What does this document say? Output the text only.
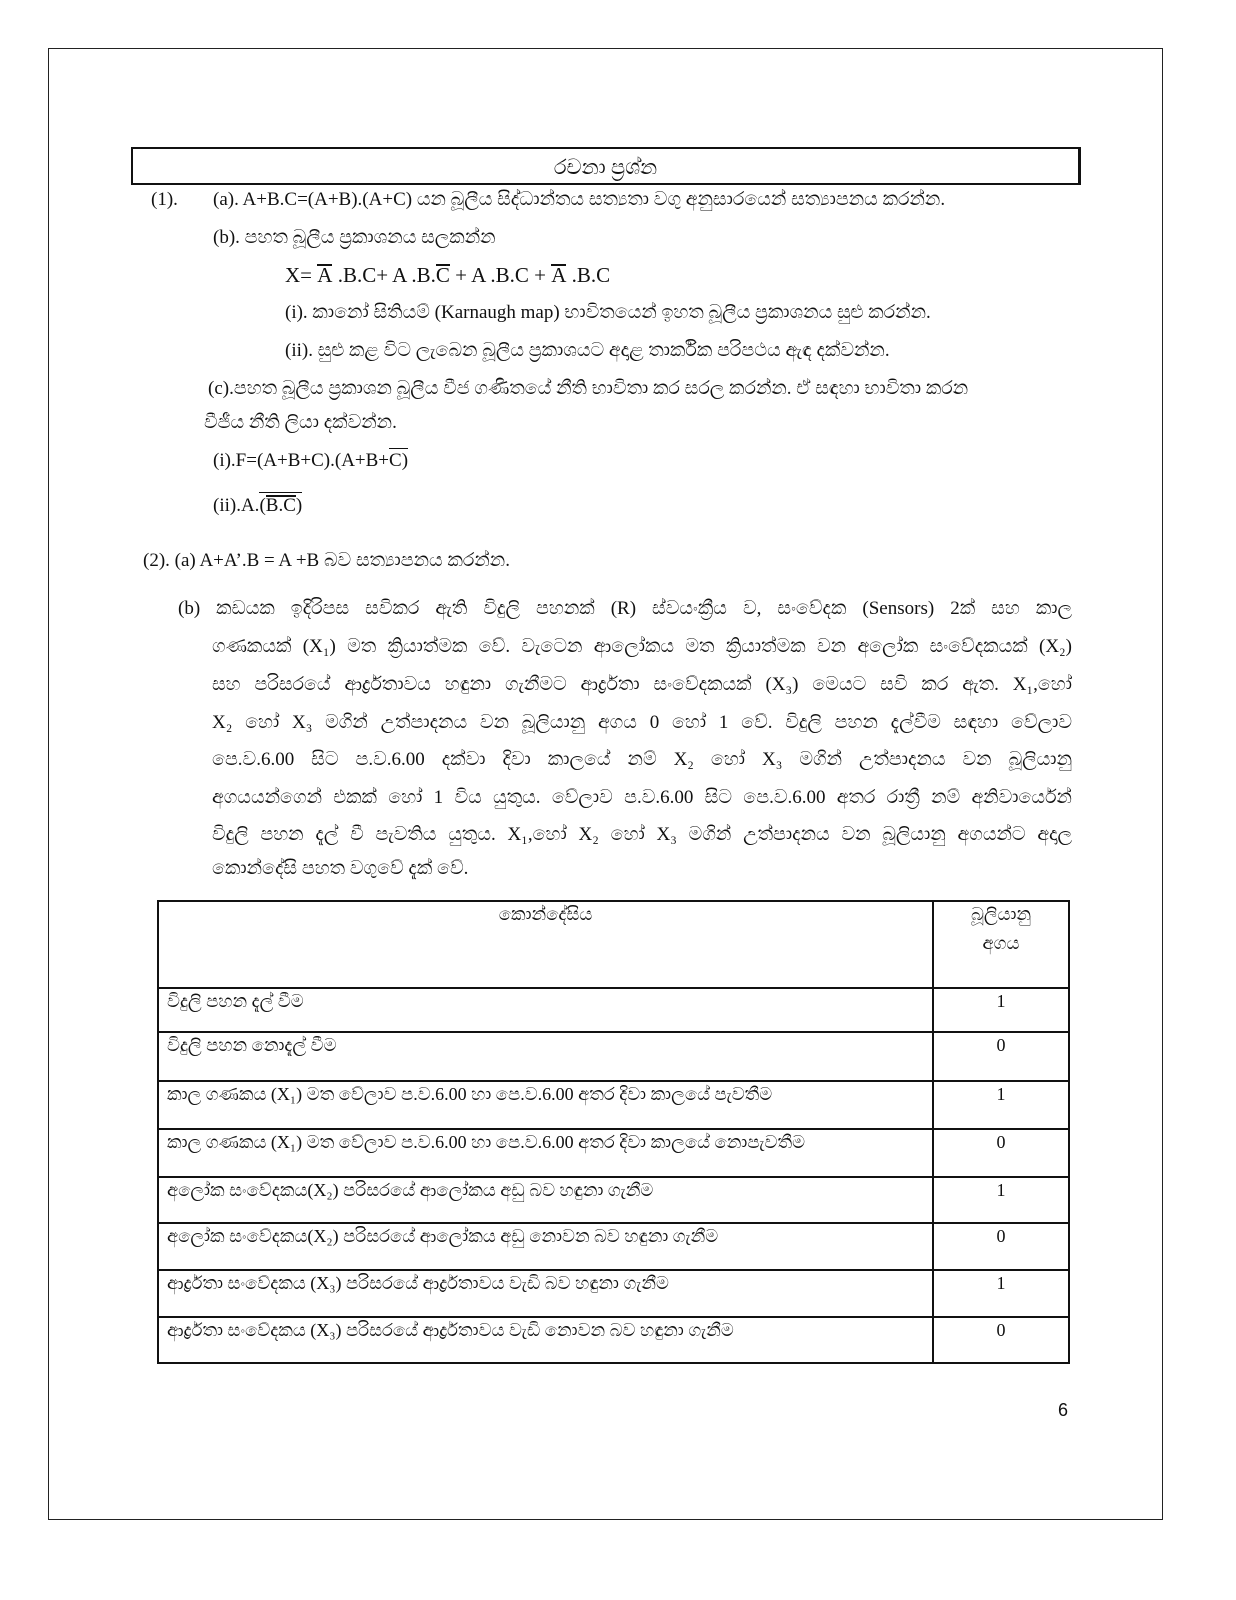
රචනා ප්‍රශ්න
(1). (a). A+B.C=(A+B).(A+C) යන බූලීය සිද්ධාන්තය සත්‍යතා වගු අනුසාරයෙන් සත්‍යාපනය කරන්න.
(b). පහත බූලීය ප්‍රකාශනය සලකන්න
X= A .B.C+ A .B.C + A .B.C + A .B.C
(i). කානෝ සිතියම් (Karnaugh map) භාවිතයෙන් ඉහත බූලීය ප්‍රකාශනය සුළු කරන්න.
(ii). සුළු කළ විට ලැබෙන බූලීය ප්‍රකාශයට අදාළ තාර්කික පරිපථය ඇඳ දක්වන්න.
(c).පහත බූලීය ප්‍රකාශන බූලීය වීජ ගණිතයේ නීති භාවිතා කර සරල කරන්න. ඒ සඳහා භාවිතා කරන
වීජීය නීති ලියා දක්වන්න.
(i).F=(A+B+C).(A+B+C)
(ii).A.(B.C)
(2). (a) A+A’.B = A +B බව සත්‍යාපනය කරන්න.
(b) කඩයක ඉදිරිපස සවිකර ඇති විදුලි පහනක් (R) ස්වයංක්‍රීය ව, සංවේදක (Sensors) 2ක් සහ කාල
ගණකයක් (X₁) මත ක්‍රියාත්මක වේ. වැටෙන ආලෝකය මත ක්‍රියාත්මක වන අලෝක සංවේදකයක් (X₂)
සහ පරිසරයේ ආර්ද්‍රතාවය හඳුනා ගැනීමට ආර්ද්‍රතා සංවේදකයක් (X₃) මෙයට සවි කර ඇත. X₁,හෝ
X₂ හෝ X₃ මගින් උත්පාදනය වන බූලියානු අගය 0 හෝ 1 වේ. විදුලි පහන දැල්වීම සඳහා වේලාව
පෙ.ව.6.00 සිට ප.ව.6.00 දක්වා දිවා කාලයේ නම් X₂ හෝ X₃ මගින් උත්පාදනය වන බූලියානු
අගයයන්ගෙන් එකක් හෝ 1 විය යුතුය. වේලාව ප.ව.6.00 සිට පෙ.ව.6.00 අතර රාත්‍රී නම් අනිවාර්යෙන්
විදුලි පහන දැල් වී පැවතිය යුතුය. X₁,හෝ X₂ හෝ X₃ මගින් උත්පාදනය වන බූලියානු අගයන්ට අදාල
කොන්දේසි පහත වගුවේ දැක් වේ.
කොන්දේසිය	බූලියානු
අගය

විදුලි පහන දැල් වීම	1
විදුලි පහන නොදැල් වීම	0
කාල ගණකය (X₁) මත වේලාව ප.ව.6.00 හා පෙ.ව.6.00 අතර දිවා කාලයේ පැවතීම	1
කාල ගණකය (X₁) මත වේලාව ප.ව.6.00 හා පෙ.ව.6.00 අතර දිවා කාලයේ නොපැවතීම	0
අලෝක සංවේදකය(X₂) පරිසරයේ ආලෝකය අඩු බව හඳුනා ගැනීම	1
අලෝක සංවේදකය(X₂) පරිසරයේ ආලෝකය අඩු නොවන බව හඳුනා ගැනීම	0
ආර්ද්‍රතා සංවේදකය (X₃) පරිසරයේ ආර්ද්‍රතාවය වැඩි බව හඳුනා ගැනීම	1
ආර්ද්‍රතා සංවේදකය (X₃) පරිසරයේ ආර්ද්‍රතාවය වැඩි නොවන බව හඳුනා ගැනීම	0
6
